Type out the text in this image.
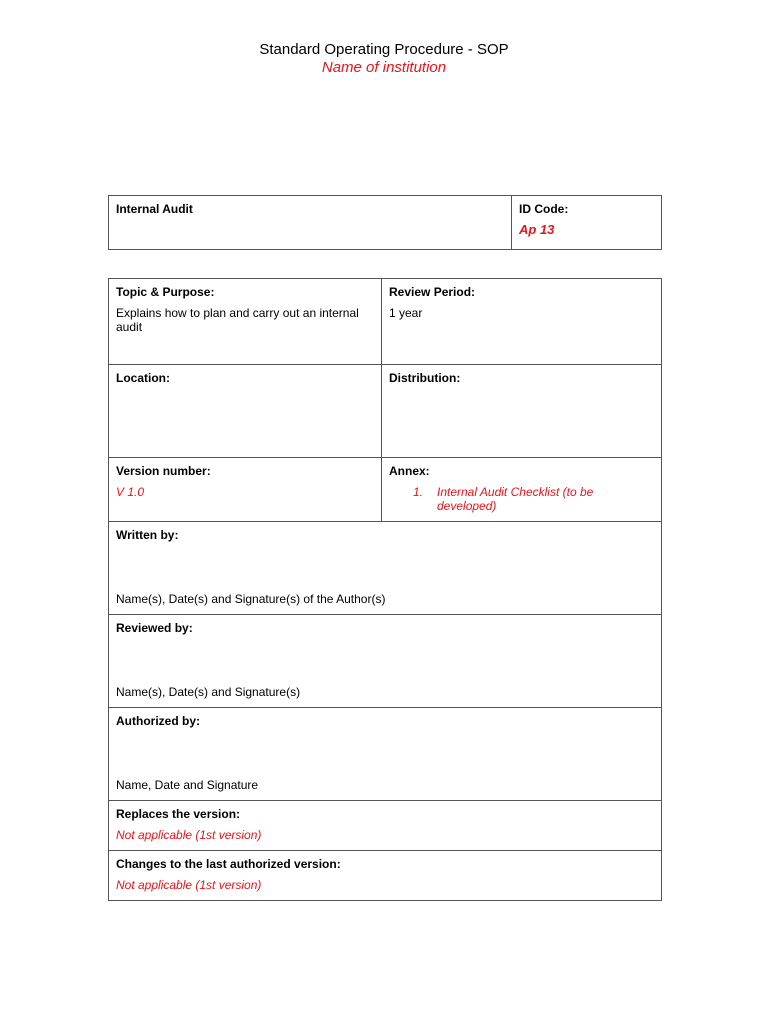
Standard Operating Procedure - SOP
Name of institution
Internal Audit	ID Code:
Ap 13
Topic & Purpose:
Explains how to plan and carry out an internal audit	Review Period:
1 year

Location:	Distribution:

Version number:
V 1.0	Annex:
1. Internal Audit Checklist (to be developed)

Written by:
Name(s), Date(s) and Signature(s) of the Author(s)	

Reviewed by:
Name(s), Date(s) and Signature(s)	

Authorized by:
Name, Date and Signature	

Replaces the version:
Not applicable (1st version)	

Changes to the last authorized version:
Not applicable (1st version)	
